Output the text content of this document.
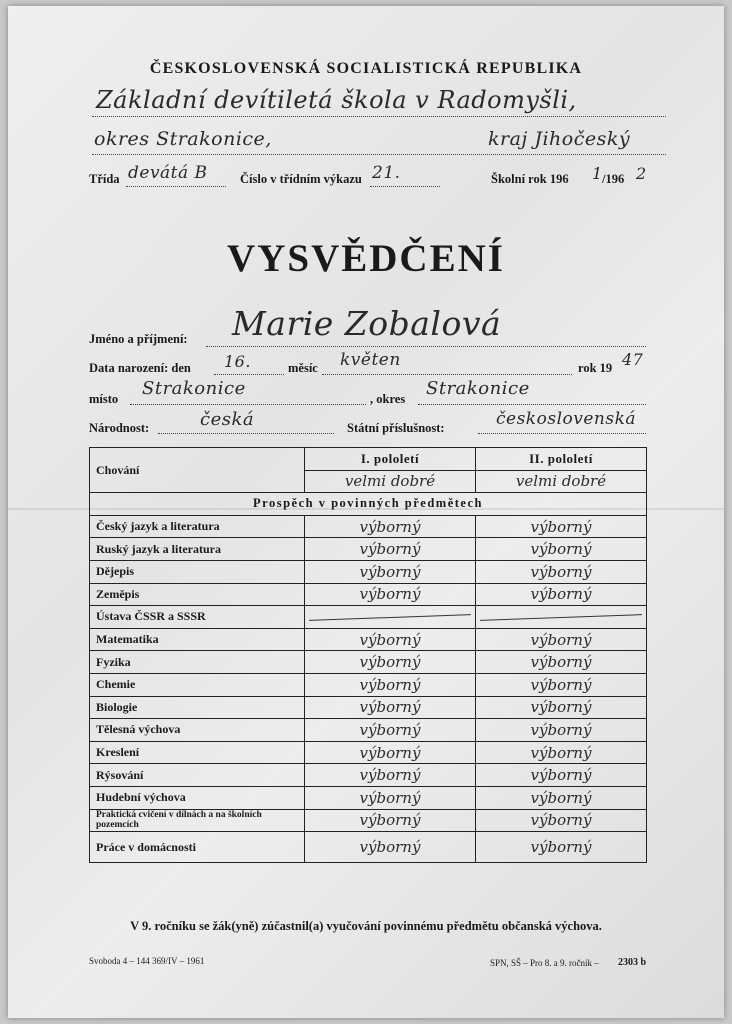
ČESKOSLOVENSKÁ SOCIALISTICKÁ REPUBLIKA
Základní devítiletá škola v Radomyšli,
okres Strakonice,	kraj Jihočeský
Třída devátá B	Číslo v třídním výkazu 21.	Školní rok 196 1 /196 2
VYSVĚDČENÍ
Jméno a příjmení: Marie Zobalová
Data narození: den 16.	měsíc květen	rok 19 47
místo Strakonice	, okres Strakonice
Národnost:	česká	Státní příslušnost:	československá
Chování	I. pololetí	II. pololetí
	velmi dobré	velmi dobré
Prospěch v povinných předmětech		
Český jazyk a literatura	výborný	výborný
Ruský jazyk a literatura	výborný	výborný
Dějepis	výborný	výborný
Zeměpis	výborný	výborný
Ústava ČSSR a SSSR		
Matematika	výborný	výborný
Fyzika	výborný	výborný
Chemie	výborný	výborný
Biologie	výborný	výborný
Tělesná výchova	výborný	výborný
Kreslení	výborný	výborný
Rýsování	výborný	výborný
Hudební výchova	výborný	výborný
Praktická cvičení v dílnách a na školních pozemcích	výborný	výborný
Práce v domácnosti	výborný	výborný
V 9. ročníku se žák(yně) zúčastnil(a) vyučování povinnému předmětu občanská výchova.
Svoboda 4 – 144 369/IV – 1961	SPN, SŠ – Pro 8. a 9. ročník – 2303 b
